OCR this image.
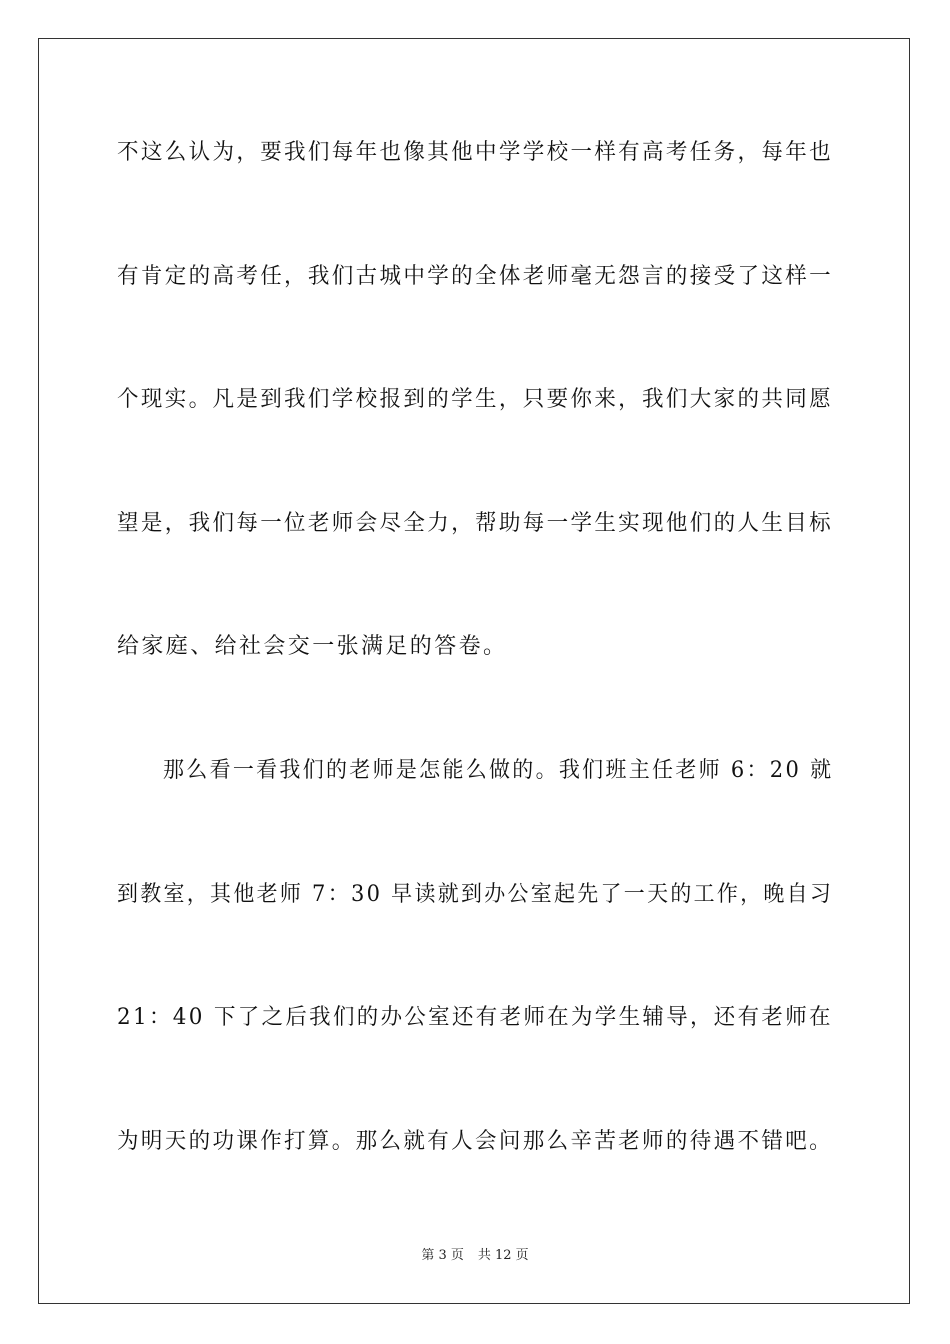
不这么认为，要我们每年也像其他中学学校一样有高考任务，每年也
有肯定的高考任，我们古城中学的全体老师毫无怨言的接受了这样一
个现实。凡是到我们学校报到的学生，只要你来，我们大家的共同愿
望是，我们每一位老师会尽全力，帮助每一学生实现他们的人生目标
给家庭、给社会交一张满足的答卷。
那么看一看我们的老师是怎能么做的。我们班主任老师 6：20 就
到教室，其他老师 7：30 早读就到办公室起先了一天的工作，晚自习
21：40 下了之后我们的办公室还有老师在为学生辅导，还有老师在
为明天的功课作打算。那么就有人会问那么辛苦老师的待遇不错吧。
第 3 页 共 12 页
